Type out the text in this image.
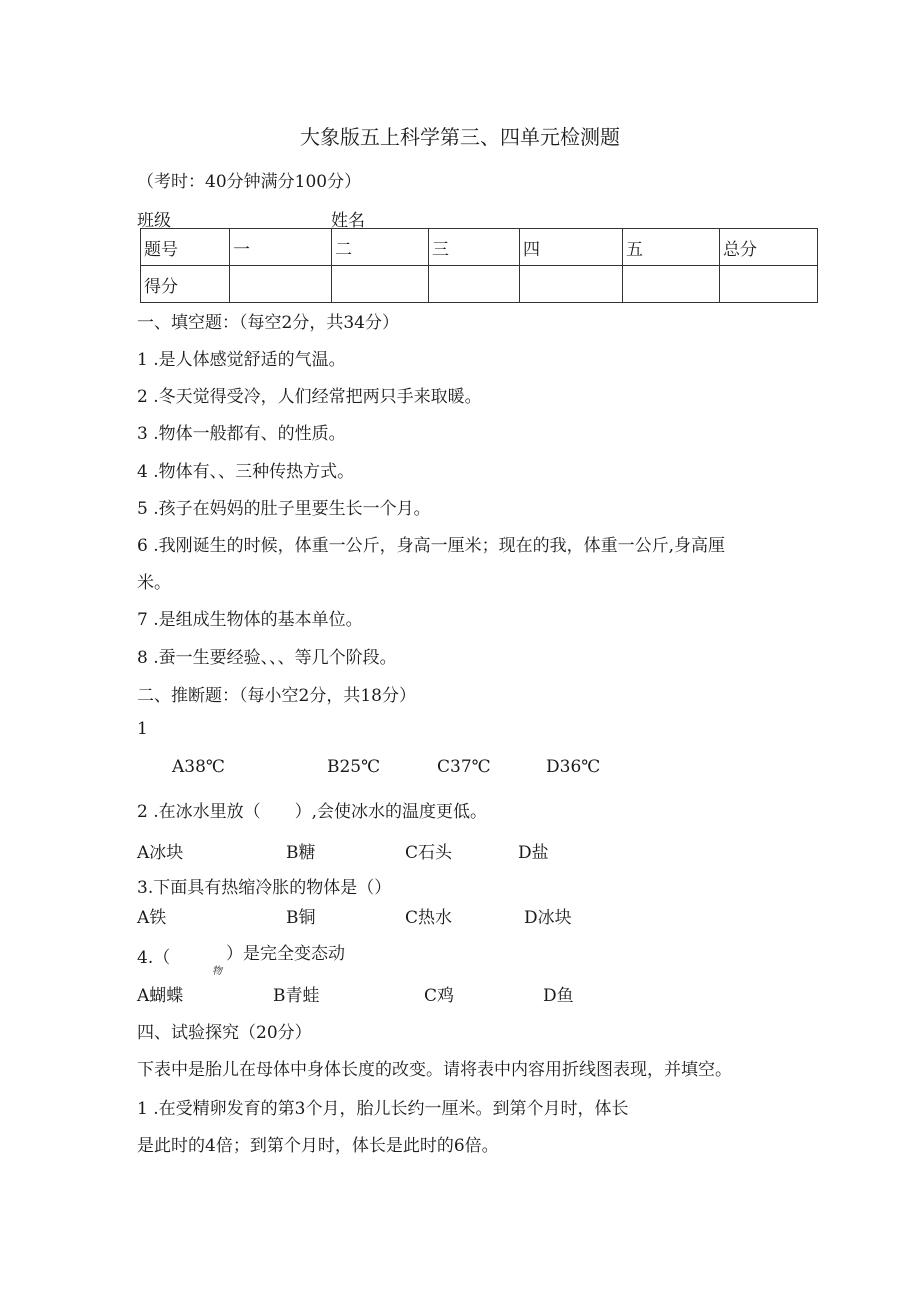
大象版五上科学第三、四单元检测题
（考时：40分钟满分100分）
班级	姓名
题号	一	二	三	四	五	总分
得分						
一、填空题：（每空2分，共34分）
1 .是人体感觉舒适的气温。
2 .冬天觉得受冷，人们经常把两只手来取暖。
3 .物体一般都有、的性质。
4 .物体有、、三种传热方式。
5 .孩子在妈妈的肚子里要生长一个月。
6 .我刚诞生的时候，体重一公斤，身高一厘米；现在的我，体重一公斤,身高厘
米。
7 .是组成生物体的基本单位。
8 .蚕一生要经验、、、等几个阶段。
二、推断题：（每小空2分，共18分）
1
A38℃	B25℃	C37℃	D36℃
2 .在冰水里放（　　）,会使冰水的温度更低。
A冰块	B糖	C石头	D盐
3.下面具有热缩冷胀的物体是（）
A铁	B铜	C热水	D冰块
4.（	）是完全变态动
物
A蝴蝶	B青蛙	C鸡	D鱼
四、试验探究（20分）
下表中是胎儿在母体中身体长度的改变。请将表中内容用折线图表现，并填空。
1 .在受精卵发育的第3个月，胎儿长约一厘米。到第个月时，体长
是此时的4倍；到第个月时，体长是此时的6倍。
